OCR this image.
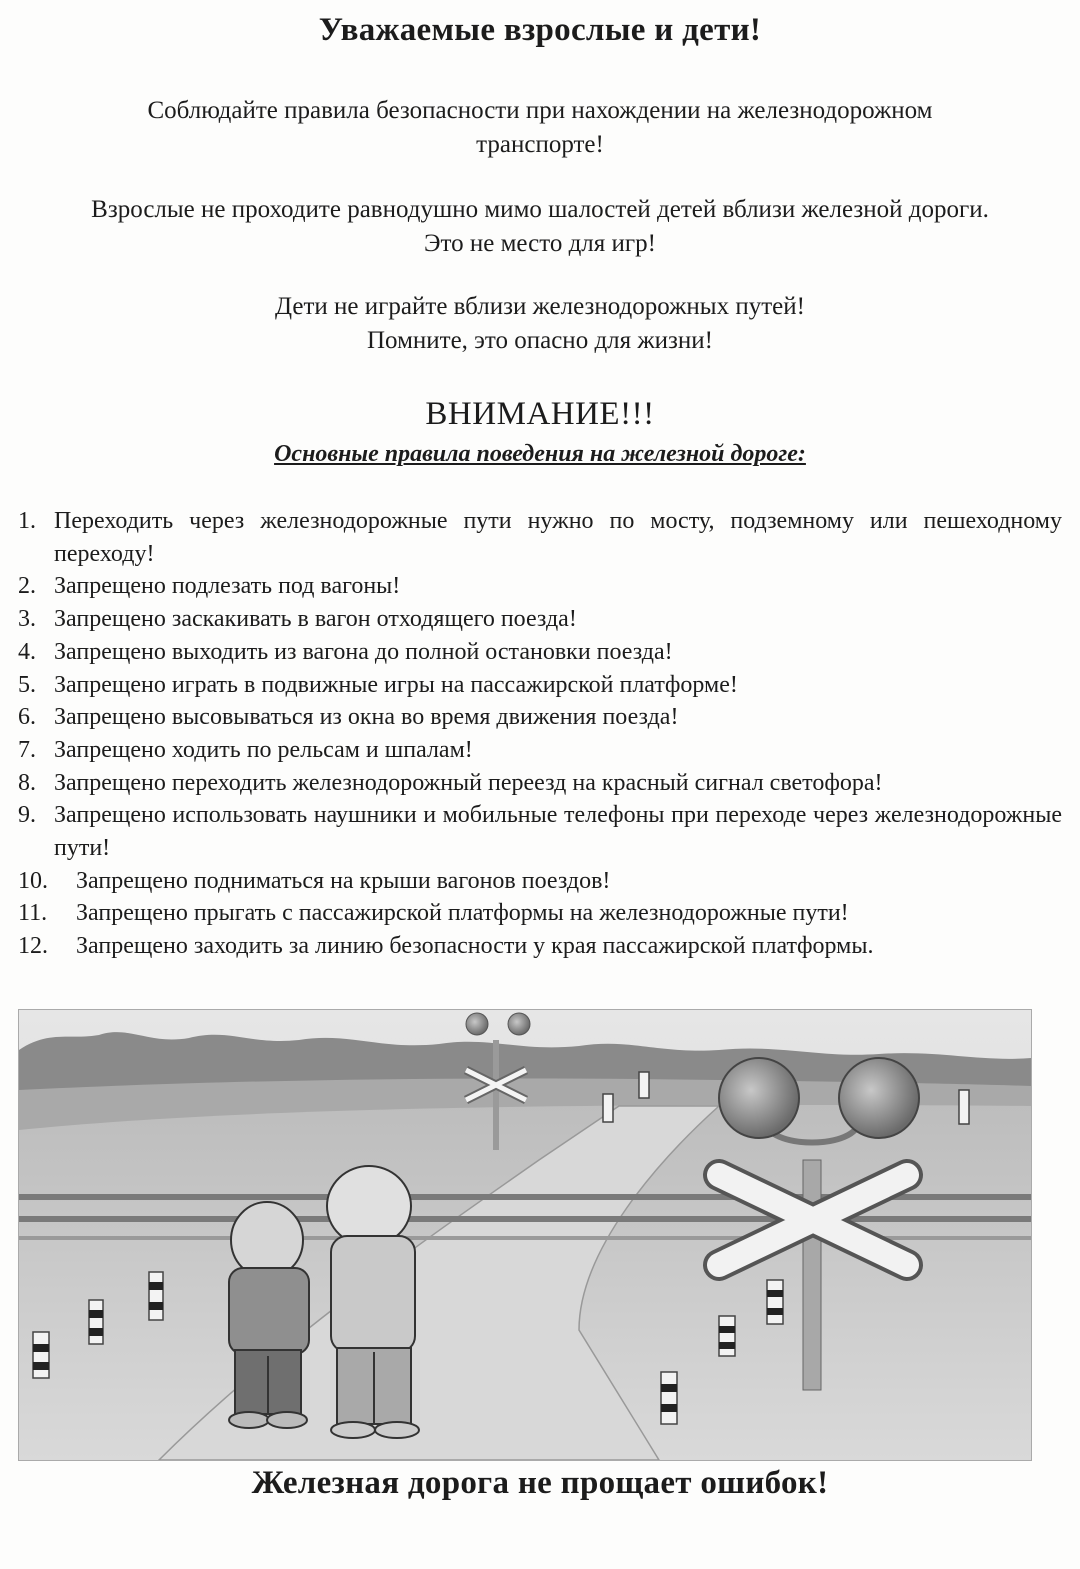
Уважаемые взрослые и дети!
Соблюдайте правила безопасности при нахождении на железнодорожном
транспорте!
Взрослые не проходите равнодушно мимо шалостей детей вблизи железной дороги.
Это не место для игр!
Дети не играйте вблизи железнодорожных путей!
Помните, это опасно для жизни!
ВНИМАНИЕ!!!
Основные правила поведения на железной дороге:
1. Переходить через железнодорожные пути нужно по мосту, подземному или пешеходному переходу!
2. Запрещено подлезать под вагоны!
3. Запрещено заскакивать в вагон отходящего поезда!
4. Запрещено выходить из вагона до полной остановки поезда!
5. Запрещено играть в подвижные игры на пассажирской платформе!
6. Запрещено высовываться из окна во время движения поезда!
7. Запрещено ходить по рельсам и шпалам!
8. Запрещено переходить железнодорожный переезд на красный сигнал светофора!
9. Запрещено использовать наушники и мобильные телефоны при переходе через железнодорожные пути!
10.	Запрещено подниматься на крыши вагонов поездов!
11.	Запрещено прыгать с пассажирской платформы на железнодорожные пути!
12.	Запрещено заходить за линию безопасности у края пассажирской платформы.
Железная дорога не прощает ошибок!
